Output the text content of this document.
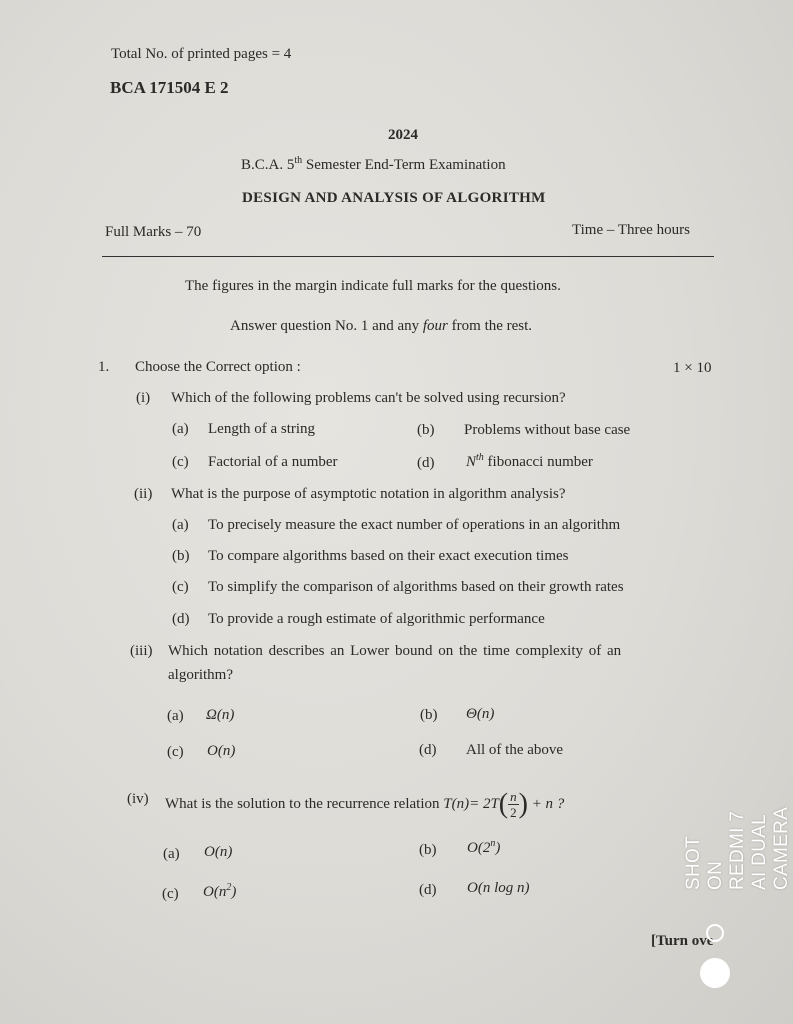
Total No. of printed pages = 4
BCA 171504 E 2
2024
B.C.A. 5th Semester End-Term Examination
DESIGN AND ANALYSIS OF ALGORITHM
Full Marks – 70	Time – Three hours
The figures in the margin indicate full marks for the questions.
Answer question No. 1 and any four from the rest.
1. Choose the Correct option :	1 × 10
(i) Which of the following problems can't be solved using recursion?
(a) Length of a string	(b) Problems without base case
(c) Factorial of a number	(d) $N^{th}$ fibonacci number
(ii) What is the purpose of asymptotic notation in algorithm analysis?
(a) To precisely measure the exact number of operations in an algorithm
(b) To compare algorithms based on their exact execution times
(c) To simplify the comparison of algorithms based on their growth rates
(d) To provide a rough estimate of algorithmic performance
(iii) Which notation describes an Lower bound on the time complexity of an
algorithm?
(a) Ω(n)	(b) Θ(n)
(c) O(n)	(d) All of the above
(iv) What is the solution to the recurrence relation $T(n)= 2T( \frac{n}{2}$ ) + n ?
(a) O(n)	(b) O(2$^n$)
(c) $O(n^2)$	(d) O(n log n)
[Turn ove
SHOT ON REDMI 7 AI DUAL CAMERA
